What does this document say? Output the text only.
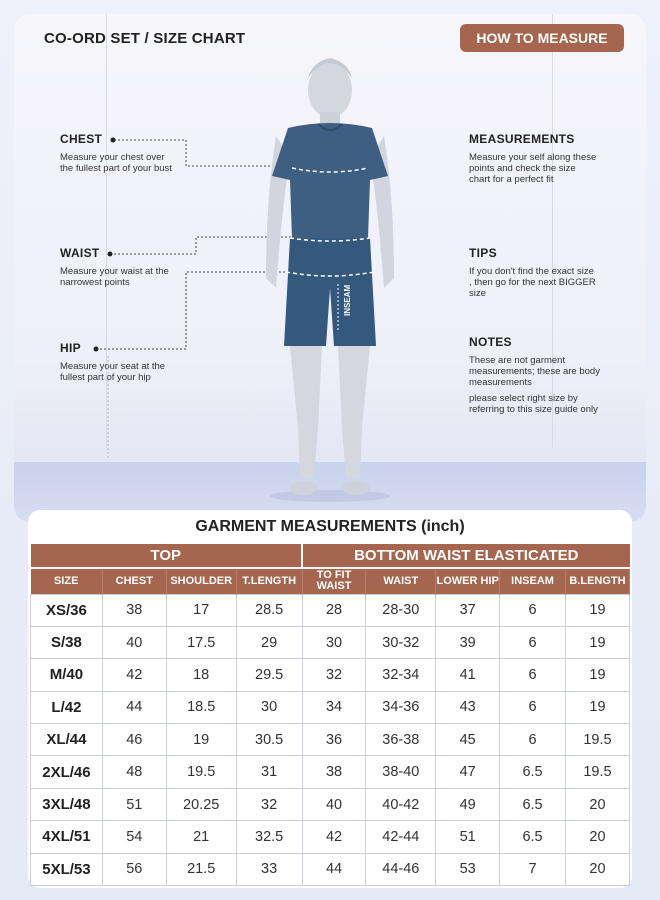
CO-ORD SET / SIZE CHART	HOW TO MEASURE
CHEST
Measure your chest over the fullest part of your bust
WAIST
Measure your waist at the narrowest points
HIP
Measure your seat at the fullest part of your hip
MEASUREMENTS
Measure your self along these points and check the size chart for a perfect fit
TIPS
If you don't find the exact size , then go for the next BIGGER size
NOTES
These are not garment measurements; these are body measurements
please select right size by referring to this size guide only
INSEAM
GARMENT MEASUREMENTS (inch)
TOP				BOTTOM WAIST ELASTICATED				
SIZE	CHEST	SHOULDER	T.LENGTH	TO FIT WAIST	WAIST	LOWER HIP	INSEAM	B.LENGTH
XS/36	38	17	28.5	28	28-30	37	6	19
S/38	40	17.5	29	30	30-32	39	6	19
M/40	42	18	29.5	32	32-34	41	6	19
L/42	44	18.5	30	34	34-36	43	6	19
XL/44	46	19	30.5	36	36-38	45	6	19.5
2XL/46	48	19.5	31	38	38-40	47	6.5	19.5
3XL/48	51	20.25	32	40	40-42	49	6.5	20
4XL/51	54	21	32.5	42	42-44	51	6.5	20
5XL/53	56	21.5	33	44	44-46	53	7	20
